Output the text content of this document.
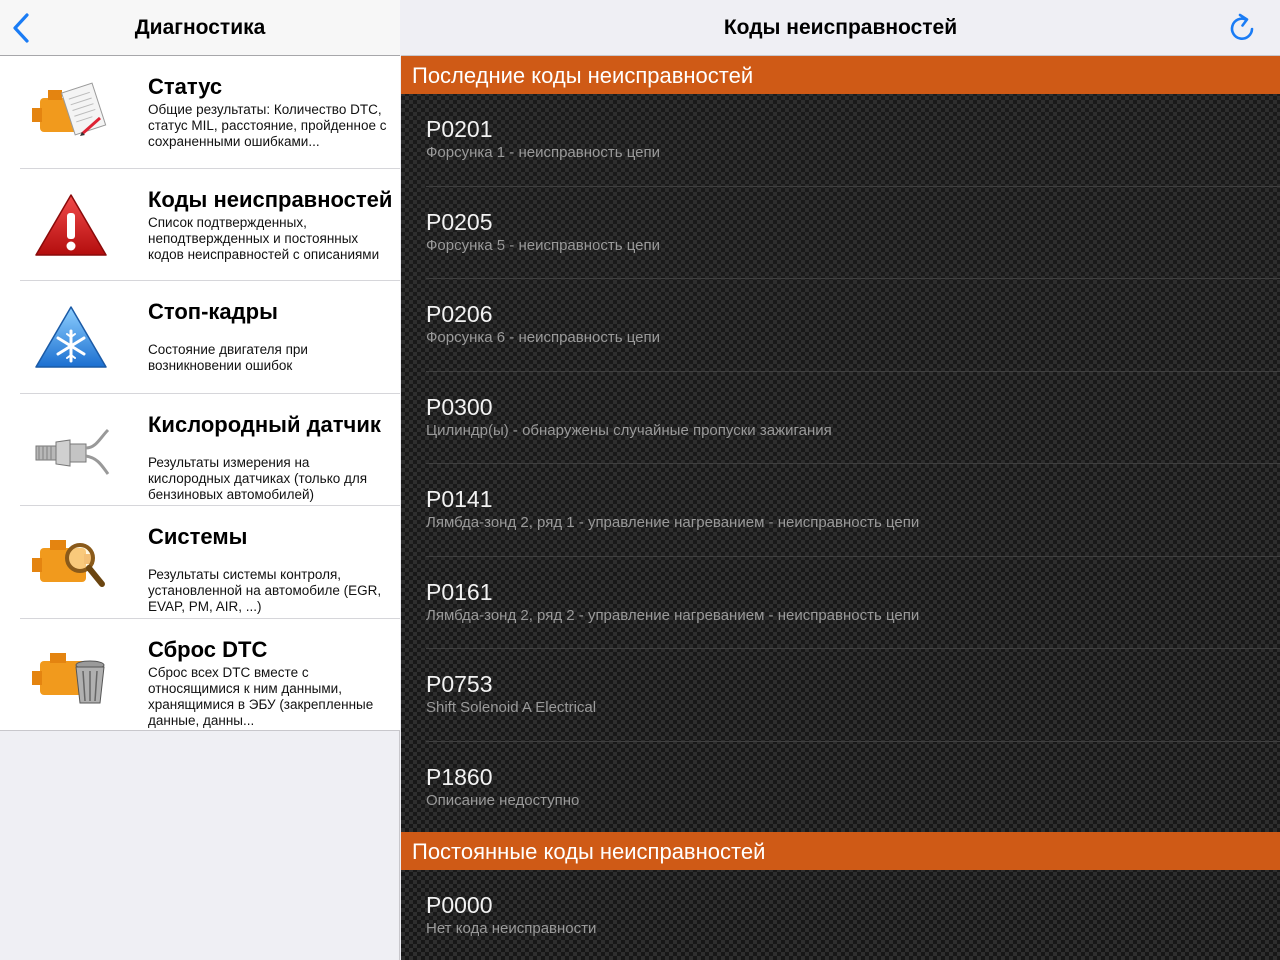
Диагностика
Статус
Общие результаты: Количество DTC, статус MIL, расстояние, пройденное с сохраненными ошибками...
Коды неисправностей
Список подтвержденных, неподтвержденных и постоянных кодов неисправностей с описаниями
Стоп-кадры
Состояние двигателя при возникновении ошибок
Кислородный датчик
Результаты измерения на кислородных датчиках (только для бензиновых автомобилей)
Системы
Результаты системы контроля, установленной на автомобиле (EGR, EVAP, PM, AIR, ...)
Сброс DTC
Сброс всех DTC вместе с относящимися к ним данными, хранящимися в ЭБУ (закрепленные данные, данны...
Коды неисправностей
Последние коды неисправностей
P0201
Форсунка 1 - неисправность цепи
P0205
Форсунка 5 - неисправность цепи
P0206
Форсунка 6 - неисправность цепи
P0300
Цилиндр(ы) - обнаружены случайные пропуски зажигания
P0141
Лямбда-зонд 2, ряд 1 - управление нагреванием - неисправность цепи
P0161
Лямбда-зонд 2, ряд 2 - управление нагреванием - неисправность цепи
P0753
Shift Solenoid A Electrical
P1860
Описание недоступно
Постоянные коды неисправностей
P0000
Нет кода неисправности
